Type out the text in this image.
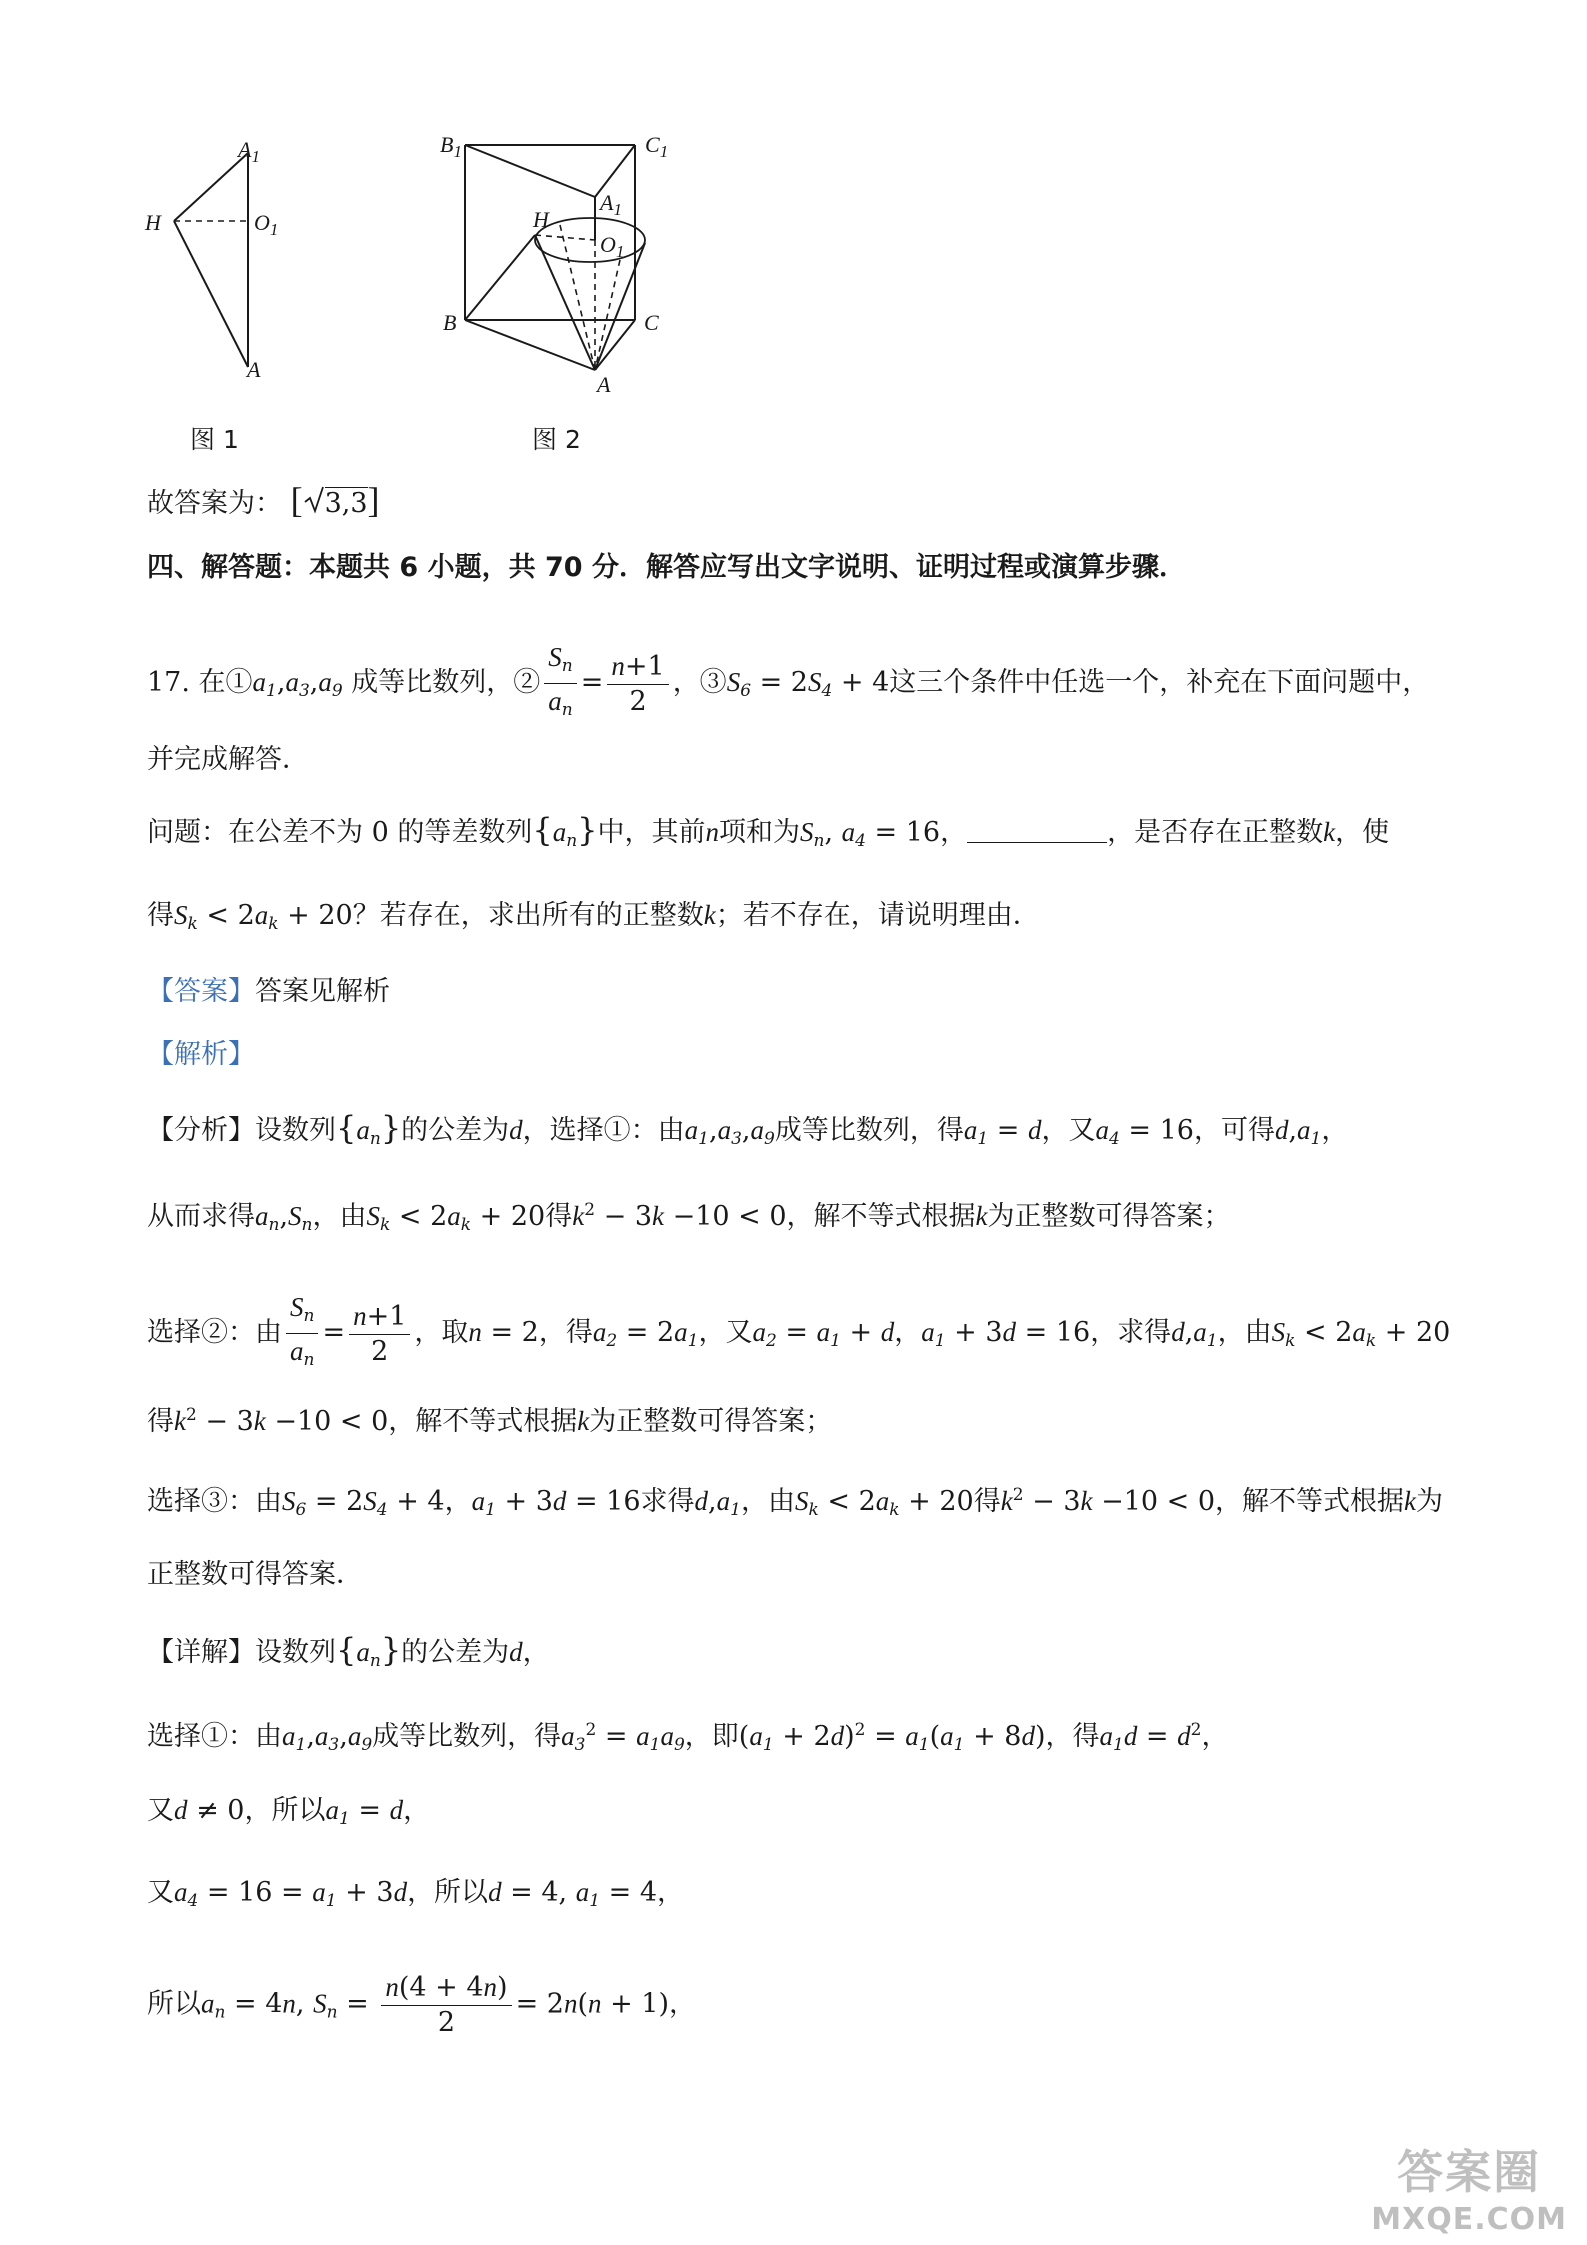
$A_1$
H	$O_1$
A
图 1
$B_1$	$C_1$
$A_1$
H
$O_1$
B	C
A
图 2
故答案为： [ 3,3]
四、解答题：本题共 6 小题，共 70 分．解答应写出文字说明、证明过程或演算步骤．
17. 在$①a_1,a_3,a_9$ 成等比数列，② $\frac{S_n}{a_n} = \frac{n+1}{2}$ ，$③S_6 = 2S_4 + 4$这三个条件中任选一个，补充在下面问题中，
并完成解答．
问题：在公差不为 0 的等差数列$\{a_n\}$中，其前n项和为$S_n$, $a_4 = 16$，	，是否存在正整数k，使
得$S_k < 2a_k + 20$？若存在，求出所有的正整数k；若不存在，请说明理由．
【答案】答案见解析
【解析】
【分析】设数列$\{a_n\}$的公差为d，选择①：由$a_1,a_3,a_9$成等比数列，得$a_1 = d$，又$a_4 = 16$，可得$d,a_1$，
从而求得$a_n,S_n$，由$S_k < 2a_k + 20$得$k^2 - 3k -10 < 0$，解不等式根据k为正整数可得答案；
选择②：由 $\frac{S_n}{a_n} = \frac{n+1}{2}$ ，取n = 2，得$a_2 = 2a_1$，又$a_2 = a_1 + d$，$a_1 + 3d = 16$，求得$d,a_1$，由$S_k < 2a_k + 20$
得$k^2 - 3k -10 < 0$，解不等式根据k为正整数可得答案；
选择③：由$S_6 = 2S_4 + 4$，$a_1 + 3d = 16$求得$d,a_1$，由$S_k < 2a_k + 20$得$k^2 - 3k -10 < 0$，解不等式根据k为
正整数可得答案．
【详解】设数列$\{a_n\}$的公差为d，
选择①：由$a_1,a_3,a_9$成等比数列，得$a_3^2 = a_1a_9$，即$(a_1 + 2d)^2 = a_1(a_1 + 8d)$，得$a_1d = d^2$，
又d ≠ 0，所以$a_1 = d$，
又$a_4 = 16 = a_1 + 3d$，所以d = 4, $a_1 = 4$，
所以$a_n = 4n$, $S_n = \frac{n(4 + 4n)}{2} = 2n(n + 1)$，
答案圈
MXQE.COM
